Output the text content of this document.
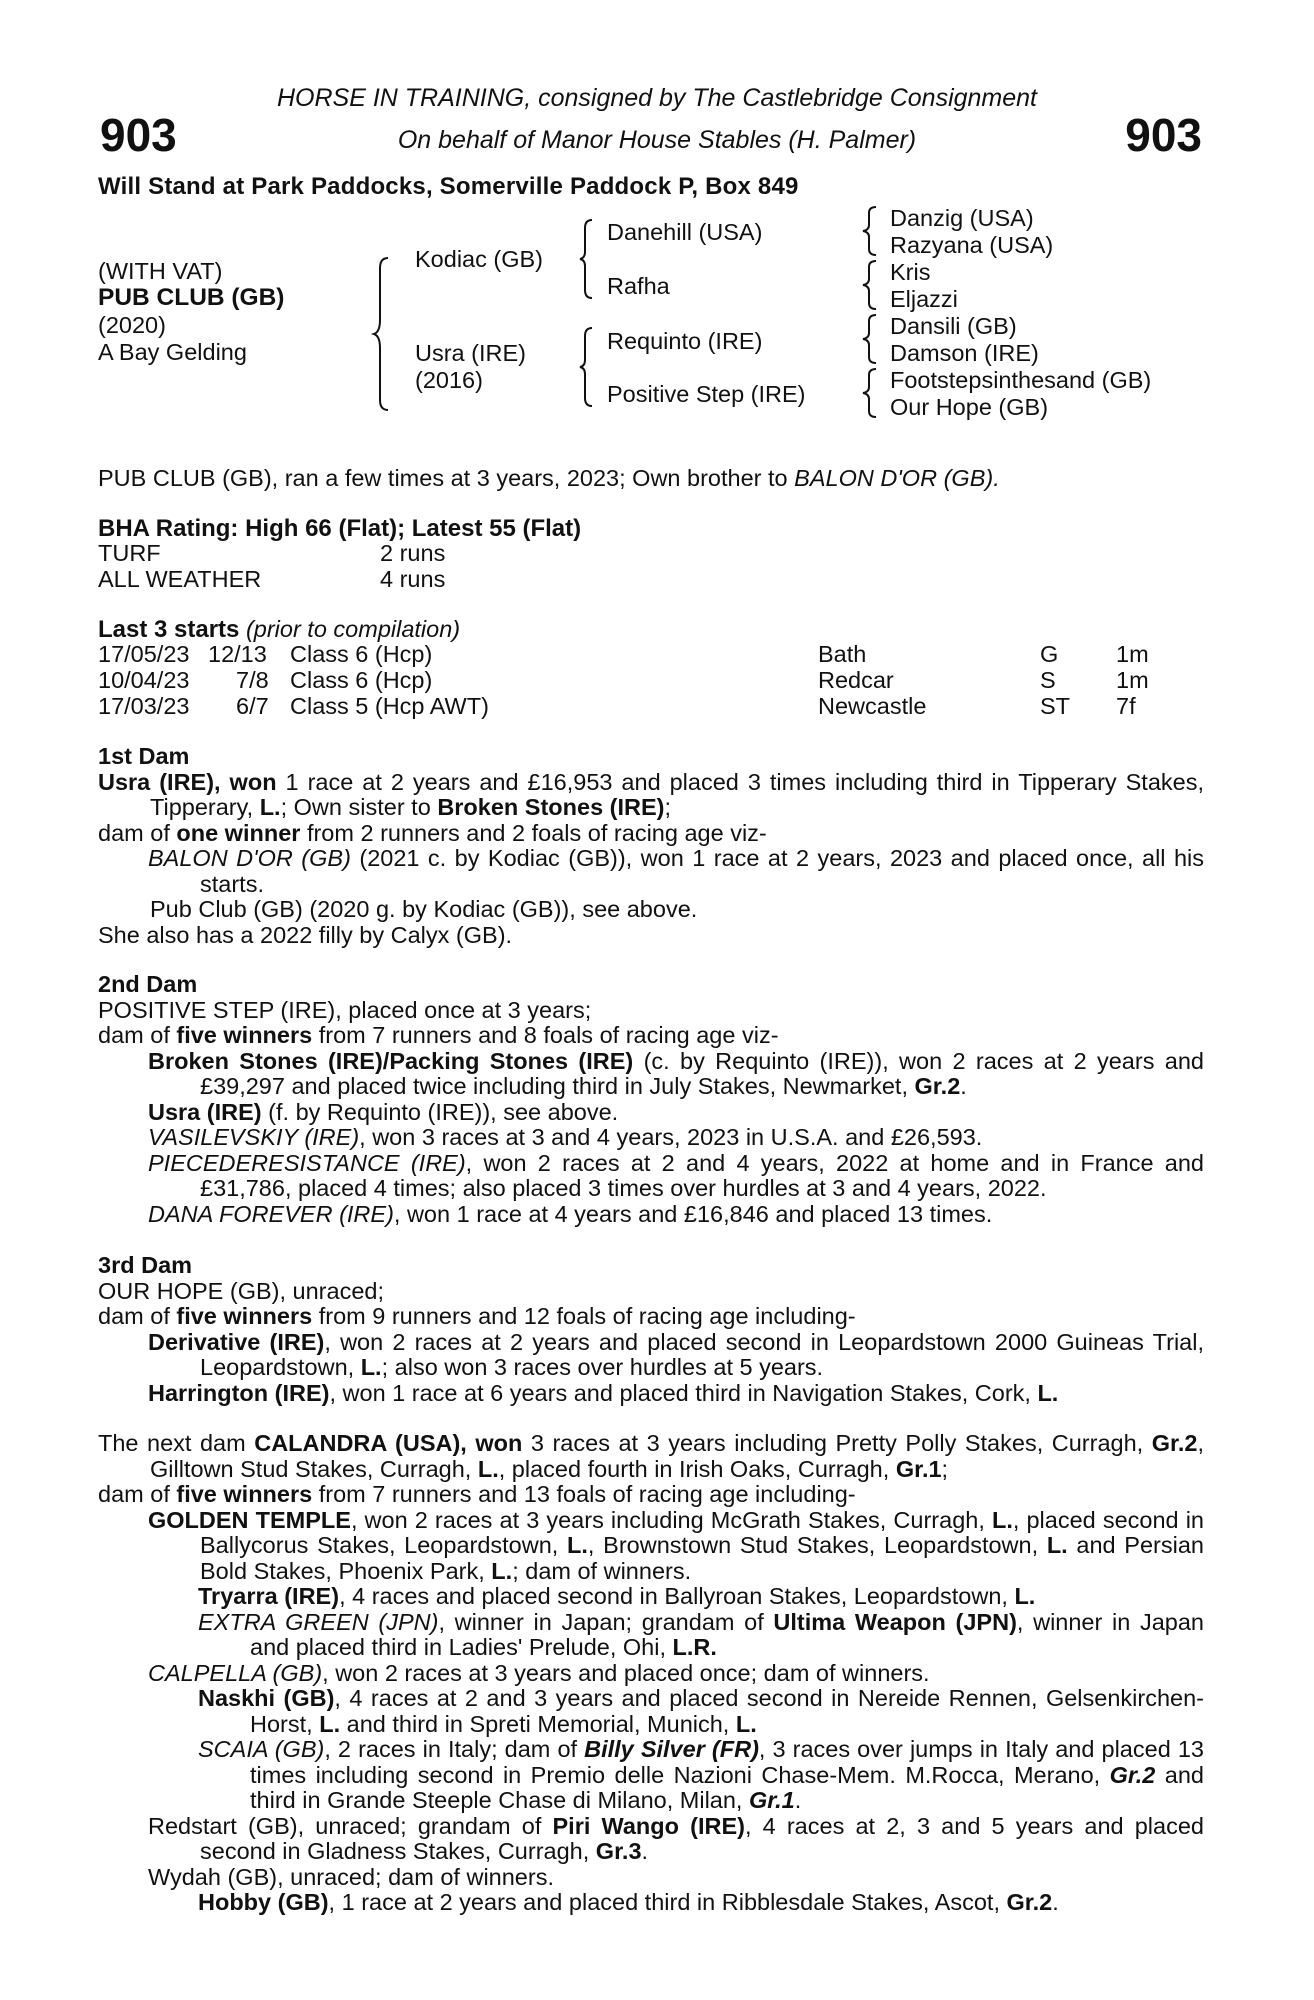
903	903
HORSE IN TRAINING, consigned by The Castlebridge Consignment
On behalf of Manor House Stables (H. Palmer)
Will Stand at Park Paddocks, Somerville Paddock P, Box 849
(WITH VAT)
PUB CLUB (GB)
(2020)
A Bay Gelding
Kodiac (GB)
Usra (IRE)
(2016)
Danehill (USA)
Rafha
Requinto (IRE)
Positive Step (IRE)
Danzig (USA)
Razyana (USA)
Kris
Eljazzi
Dansili (GB)
Damson (IRE)
Footstepsinthesand (GB)
Our Hope (GB)
PUB CLUB (GB), ran a few times at 3 years, 2023; Own brother to BALON D'OR (GB).
BHA Rating: High 66 (Flat); Latest 55 (Flat)
TURF	2 runs
ALL WEATHER	4 runs
Last 3 starts (prior to compilation)
17/05/23 12/13 Class 6 (Hcp)	Bath	G 1m
10/04/23 7/8 Class 6 (Hcp)	Redcar	S	1m
17/03/23 6/7 Class 5 (Hcp AWT)	Newcastle	ST 7f

1st Dam

Usra (IRE), won 1 race at 2 years and £16,953 and placed 3 times including third in Tipperary Stakes, Tipperary, L.; Own sister to Broken Stones (IRE);

dam of one winner from 2 runners and 2 foals of racing age viz-

BALON D'OR (GB) (2021 c. by Kodiac (GB)), won 1 race at 2 years, 2023 and placed once, all his starts.

Pub Club (GB) (2020 g. by Kodiac (GB)), see above.

She also has a 2022 filly by Calyx (GB).

2nd Dam

POSITIVE STEP (IRE), placed once at 3 years;

dam of five winners from 7 runners and 8 foals of racing age viz-

Broken Stones (IRE)/Packing Stones (IRE) (c. by Requinto (IRE)), won 2 races at 2 years and £39,297 and placed twice including third in July Stakes, Newmarket, Gr.2.

Usra (IRE) (f. by Requinto (IRE)), see above.

VASILEVSKIY (IRE), won 3 races at 3 and 4 years, 2023 in U.S.A. and £26,593.

PIECEDERESISTANCE (IRE), won 2 races at 2 and 4 years, 2022 at home and in France and £31,786, placed 4 times; also placed 3 times over hurdles at 3 and 4 years, 2022.

DANA FOREVER (IRE), won 1 race at 4 years and £16,846 and placed 13 times.

3rd Dam

OUR HOPE (GB), unraced;

dam of five winners from 9 runners and 12 foals of racing age including-

Derivative (IRE), won 2 races at 2 years and placed second in Leopardstown 2000 Guineas Trial, Leopardstown, L.; also won 3 races over hurdles at 5 years.

Harrington (IRE), won 1 race at 6 years and placed third in Navigation Stakes, Cork, L.

The next dam CALANDRA (USA), won 3 races at 3 years including Pretty Polly Stakes, Curragh, Gr.2, Gilltown Stud Stakes, Curragh, L., placed fourth in Irish Oaks, Curragh, Gr.1;

dam of five winners from 7 runners and 13 foals of racing age including-

GOLDEN TEMPLE, won 2 races at 3 years including McGrath Stakes, Curragh, L., placed second in Ballycorus Stakes, Leopardstown, L., Brownstown Stud Stakes, Leopardstown, L. and Persian Bold Stakes, Phoenix Park, L.; dam of winners.

Tryarra (IRE), 4 races and placed second in Ballyroan Stakes, Leopardstown, L.

EXTRA GREEN (JPN), winner in Japan; grandam of Ultima Weapon (JPN), winner in Japan and placed third in Ladies' Prelude, Ohi, L.R.

CALPELLA (GB), won 2 races at 3 years and placed once; dam of winners.

Naskhi (GB), 4 races at 2 and 3 years and placed second in Nereide Rennen, Gelsenkirchen-Horst, L. and third in Spreti Memorial, Munich, L.

SCAIA (GB), 2 races in Italy; dam of Billy Silver (FR), 3 races over jumps in Italy and placed 13 times including second in Premio delle Nazioni Chase-Mem. M.Rocca, Merano, Gr.2 and third in Grande Steeple Chase di Milano, Milan, Gr.1.

Redstart (GB), unraced; grandam of Piri Wango (IRE), 4 races at 2, 3 and 5 years and placed second in Gladness Stakes, Curragh, Gr.3.

Wydah (GB), unraced; dam of winners.

Hobby (GB), 1 race at 2 years and placed third in Ribblesdale Stakes, Ascot, Gr.2.
